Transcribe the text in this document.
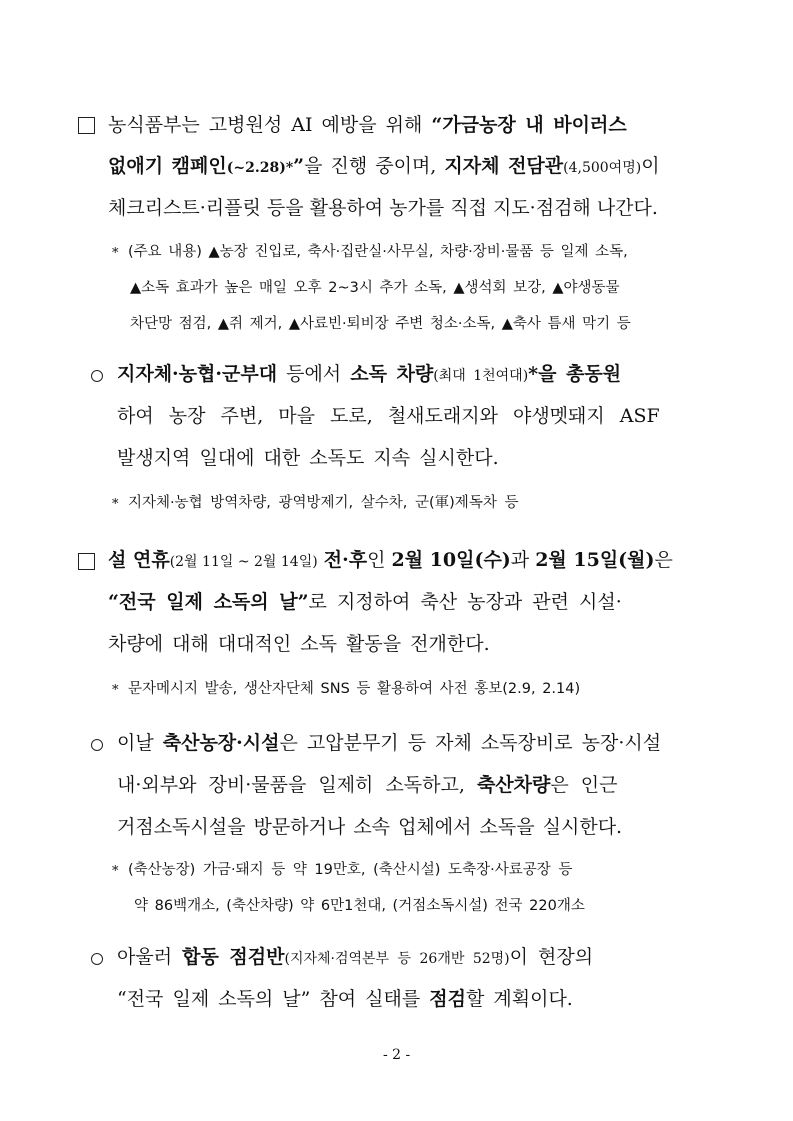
농식품부는 고병원성 AI 예방을 위해 “가금농장 내 바이러스
없애기 캠페인(~2.28)*”을 진행 중이며, 지자체 전담관(4,500여명)이
체크리스트·리플릿 등을 활용하여 농가를 직접 지도·점검해 나간다.
* (주요 내용) ▲농장 진입로, 축사·집란실·사무실, 차량·장비·물품 등 일제 소독,
▲소독 효과가 높은 매일 오후 2~3시 추가 소독, ▲생석회 보강, ▲야생동물
차단망 점검, ▲쥐 제거, ▲사료빈·퇴비장 주변 청소·소독, ▲축사 틈새 막기 등
지자체·농협·군부대 등에서 소독 차량(최대 1천여대)*을 총동원
하여 농장 주변, 마을 도로, 철새도래지와 야생멧돼지 ASF
발생지역 일대에 대한 소독도 지속 실시한다.
* 지자체·농협 방역차량, 광역방제기, 살수차, 군(軍)제독차 등
설 연휴(2월 11일 ~ 2월 14일) 전·후인 2월 10일(수)과 2월 15일(월)은
“전국 일제 소독의 날”로 지정하여 축산 농장과 관련 시설·
차량에 대해 대대적인 소독 활동을 전개한다.
* 문자메시지 발송, 생산자단체 SNS 등 활용하여 사전 홍보(2.9, 2.14)
이날 축산농장·시설은 고압분무기 등 자체 소독장비로 농장·시설
내·외부와 장비·물품을 일제히 소독하고, 축산차량은 인근
거점소독시설을 방문하거나 소속 업체에서 소독을 실시한다.
* (축산농장) 가금·돼지 등 약 19만호, (축산시설) 도축장·사료공장 등
약 86백개소, (축산차량) 약 6만1천대, (거점소독시설) 전국 220개소
아울러 합동 점검반(지자체·검역본부 등 26개반 52명)이 현장의
“전국 일제 소독의 날” 참여 실태를 점검할 계획이다.
- 2 -
